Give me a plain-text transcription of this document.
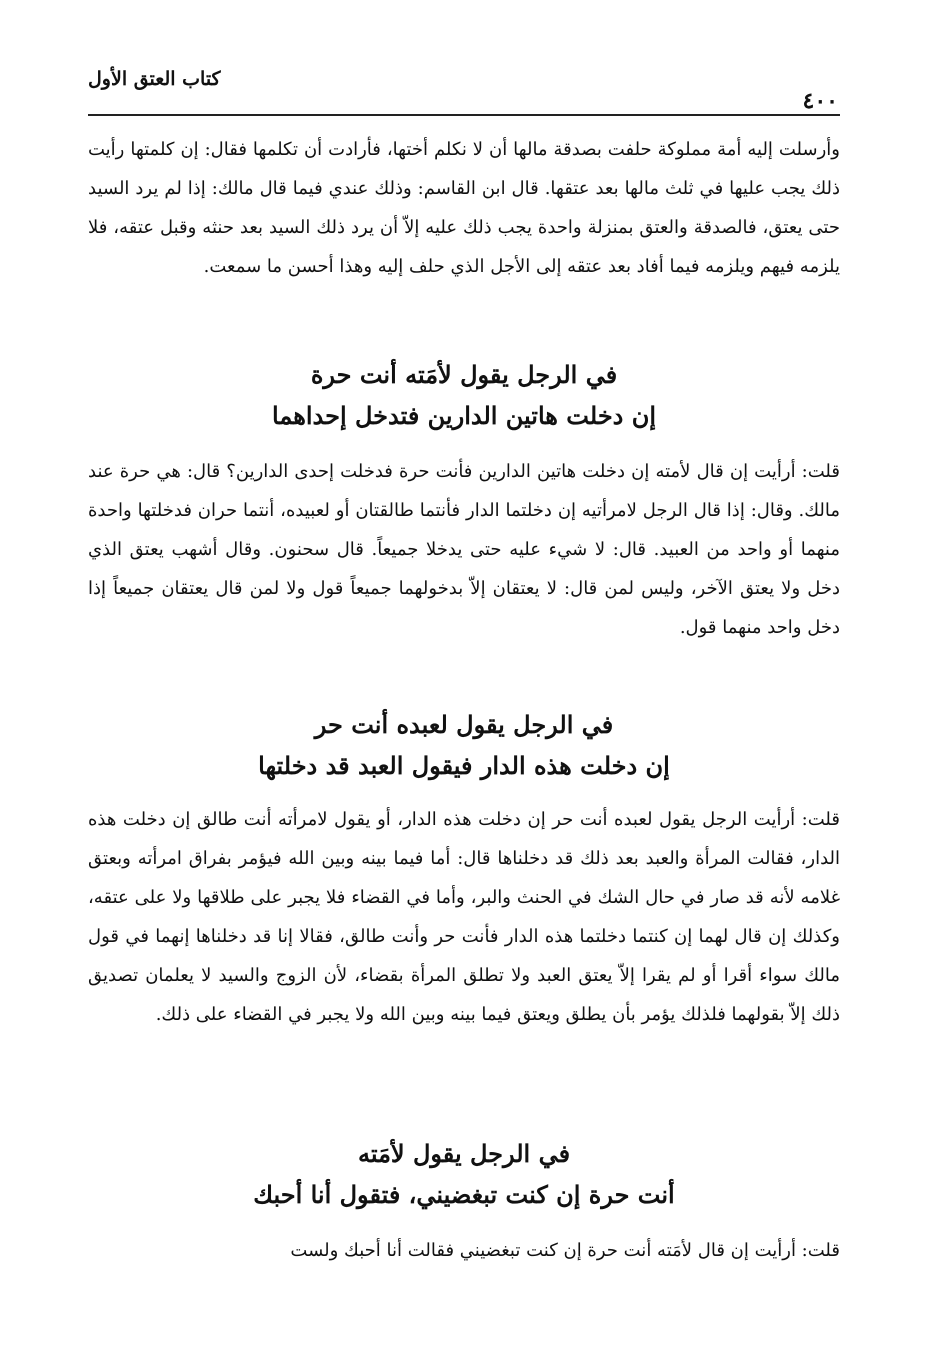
كتاب العتق الأول
٤٠٠

وأرسلت إليه أمة مملوكة حلفت بصدقة مالها أن لا نكلم أختها، فأرادت أن تكلمها فقال: إن كلمتها رأيت ذلك يجب عليها في ثلث مالها بعد عتقها. قال ابن القاسم: وذلك عندي فيما قال مالك: إذا لم يرد السيد حتى يعتق، فالصدقة والعتق بمنزلة واحدة يجب ذلك عليه إلاّ أن يرد ذلك السيد بعد حنثه وقبل عتقه، فلا يلزمه فيهم ويلزمه فيما أفاد بعد عتقه إلى الأجل الذي حلف إليه وهذا أحسن ما سمعت.

في الرجل يقول لأمَته أنت حرة
إن دخلت هاتين الدارين فتدخل إحداهما

قلت: أرأيت إن قال لأمته إن دخلت هاتين الدارين فأنت حرة فدخلت إحدى الدارين؟ قال: هي حرة عند مالك. وقال: إذا قال الرجل لامرأتيه إن دخلتما الدار فأنتما طالقتان أو لعبيده، أنتما حران فدخلتها واحدة منهما أو واحد من العبيد. قال: لا شيء عليه حتى يدخلا جميعاً. قال سحنون. وقال أشهب يعتق الذي دخل ولا يعتق الآخر، وليس لمن قال: لا يعتقان إلاّ بدخولهما جميعاً قول ولا لمن قال يعتقان جميعاً إذا دخل واحد منهما قول.

في الرجل يقول لعبده أنت حر
إن دخلت هذه الدار فيقول العبد قد دخلتها

قلت: أرأيت الرجل يقول لعبده أنت حر إن دخلت هذه الدار، أو يقول لامرأته أنت طالق إن دخلت هذه الدار، فقالت المرأة والعبد بعد ذلك قد دخلناها قال: أما فيما بينه وبين الله فيؤمر بفراق امرأته وبعتق غلامه لأنه قد صار في حال الشك في الحنث والبر، وأما في القضاء فلا يجبر على طلاقها ولا على عتقه، وكذلك إن قال لهما إن كنتما دخلتما هذه الدار فأنت حر وأنت طالق، فقالا إنا قد دخلناها إنهما في قول مالك سواء أقرا أو لم يقرا إلاّ يعتق العبد ولا تطلق المرأة بقضاء، لأن الزوج والسيد لا يعلمان تصديق ذلك إلاّ بقولهما فلذلك يؤمر بأن يطلق ويعتق فيما بينه وبين الله ولا يجبر في القضاء على ذلك.

في الرجل يقول لأمَته
أنت حرة إن كنت تبغضيني، فتقول أنا أحبك

قلت: أرأيت إن قال لأمَته أنت حرة إن كنت تبغضيني فقالت أنا أحبك ولست
